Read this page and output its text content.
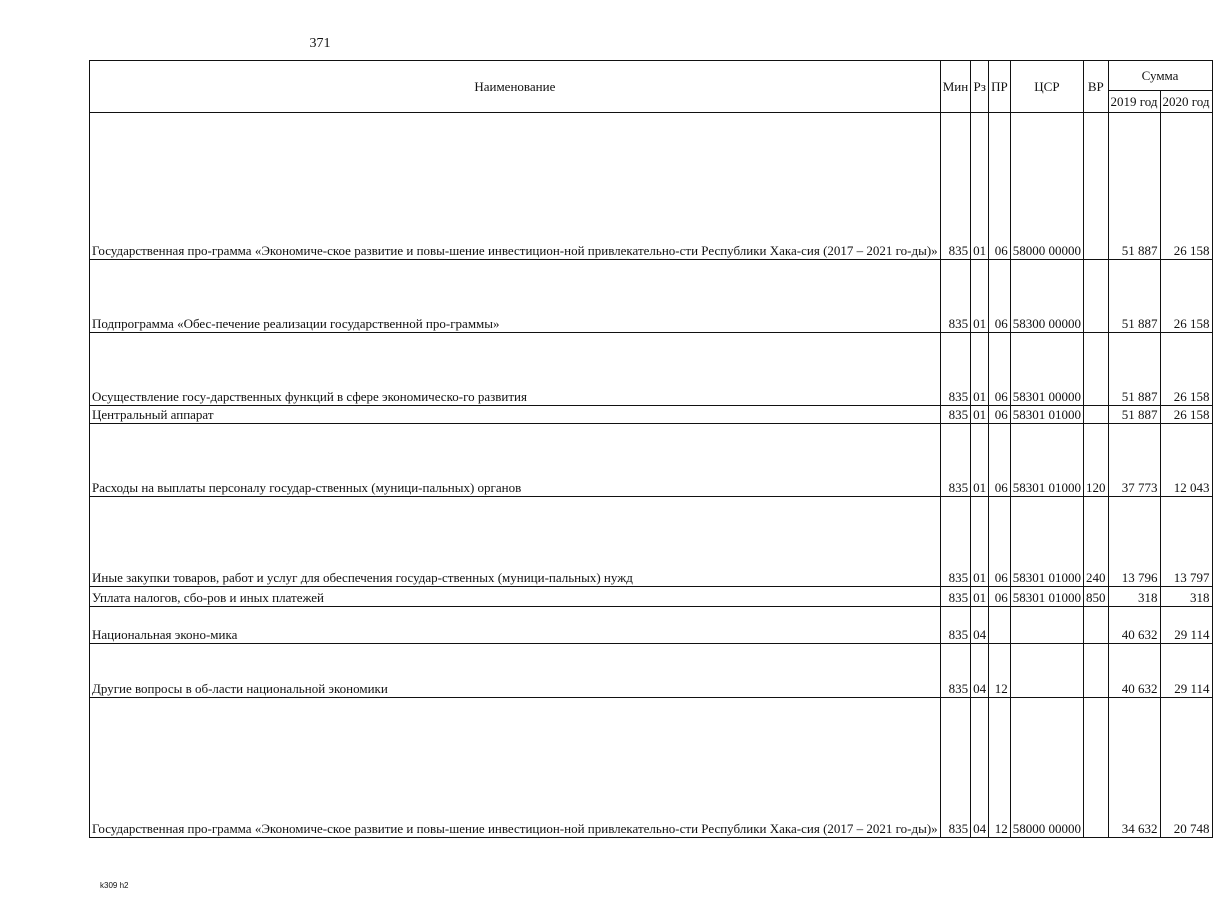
371
Наименование	Мин	Рз	ПР	ЦСР	ВР	Сумма	
						2019 год	2020 год
Государственная про-грамма «Экономиче-ское развитие и повы-шение инвестицион-ной привлекательно-сти Республики Хака-сия (2017 – 2021 го-ды)»	835	01	06	58000 00000		51 887	26 158
Подпрограмма «Обес-печение реализации государственной про-граммы»	835	01	06	58300 00000		51 887	26 158
Осуществление госу-дарственных функций в сфере экономическо-го развития	835	01	06	58301 00000		51 887	26 158
Центральный аппарат	835	01	06	58301 01000		51 887	26 158
Расходы на выплаты персоналу государ-ственных (муници-пальных) органов	835	01	06	58301 01000	120	37 773	12 043
Иные закупки товаров, работ и услуг для обеспечения государ-ственных (муници-пальных) нужд	835	01	06	58301 01000	240	13 796	13 797
Уплата налогов, сбо-ров и иных платежей	835	01	06	58301 01000	850	318	318
Национальная эконо-мика	835	04				40 632	29 114
Другие вопросы в об-ласти национальной экономики	835	04	12			40 632	29 114
Государственная про-грамма «Экономиче-ское развитие и повы-шение инвестицион-ной привлекательно-сти Республики Хака-сия (2017 – 2021 го-ды)»	835	04	12	58000 00000		34 632	20 748
k309 h2
